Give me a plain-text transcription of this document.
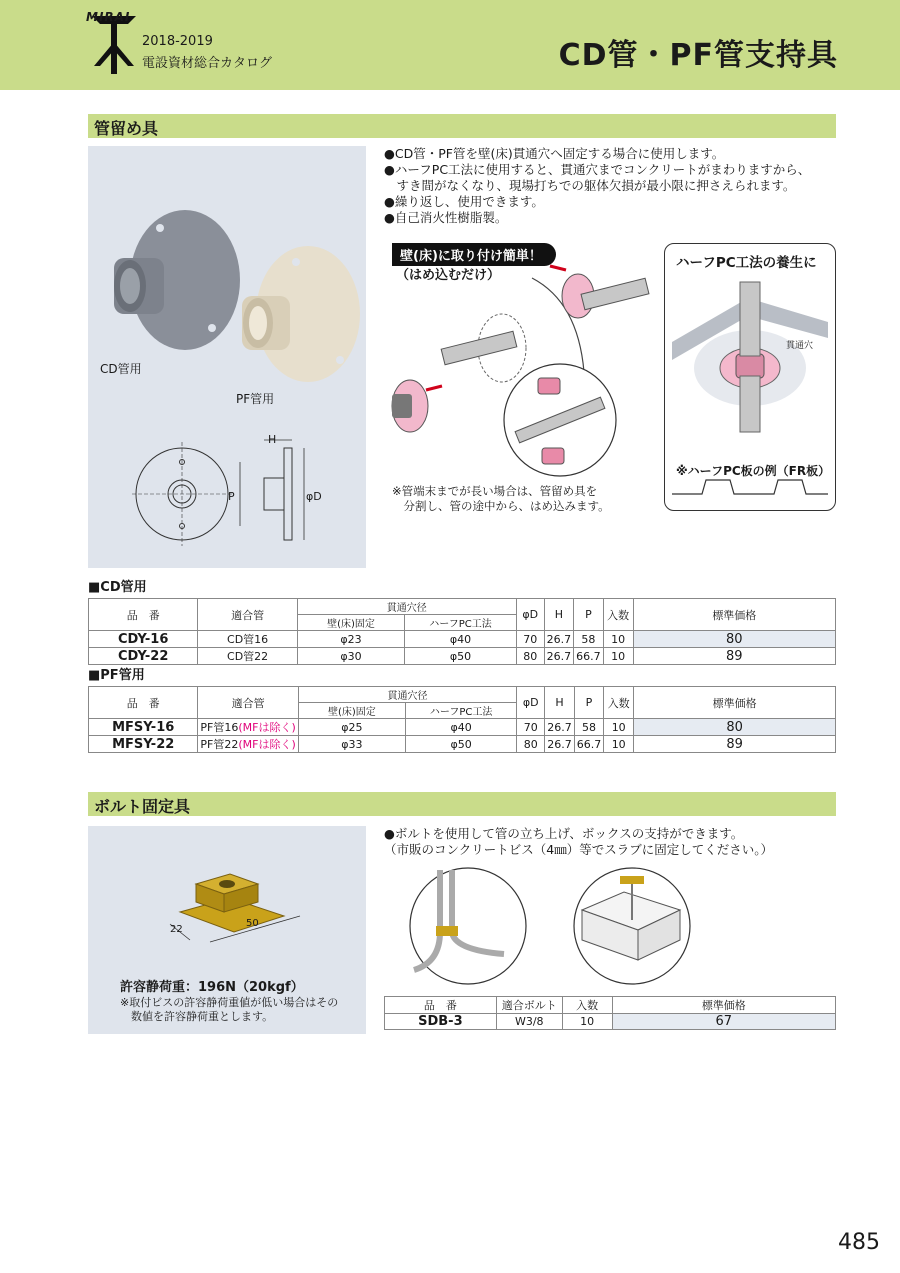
MIRAI
2018-2019
電設資材総合カタログ	CD管・PF管支持具
管留め具
CD管用
PF管用
H
P	φD
●CD管・PF管を壁(床)貫通穴へ固定する場合に使用します。
●ハーフPC工法に使用すると、貫通穴までコンクリートがまわりますから、
　すき間がなくなり、現場打ちでの躯体欠損が最小限に押さえられます。
●繰り返し、使用できます。
●自己消火性樹脂製。
壁(床)に取り付け簡単！
（はめ込むだけ）
※管端末までが長い場合は、管留め具を
　分割し、管の途中から、はめ込みます。
ハーフPC工法の養生に
貫通穴
※ハーフPC板の例（FR板）
■CD管用
品　番	適合管	貫通穴径		φD	H	P	入数	標準価格
		壁(床)固定	ハーフPC工法					
CDY-16	CD管16	φ23	φ40	70	26.7	58	10	80
CDY-22	CD管22	φ30	φ50	80	26.7	66.7	10	89
■PF管用
品　番	適合管	貫通穴径		φD	H	P	入数	標準価格
		壁(床)固定	ハーフPC工法					
MFSY-16	PF管16(MFは除く)	φ25	φ40	70	26.7	58	10	80
MFSY-22	PF管22(MFは除く)	φ33	φ50	80	26.7	66.7	10	89
ボルト固定具
22
50
許容静荷重：196N（20kgf）
※取付ビスの許容静荷重値が低い場合はその
　数値を許容静荷重とします。
●ボルトを使用して管の立ち上げ、ボックスの支持ができます。
（市販のコンクリートビス（4㎜）等でスラブに固定してください。）
品　番	適合ボルト	入数	標準価格
SDB-3	W3/8	10	67
485
